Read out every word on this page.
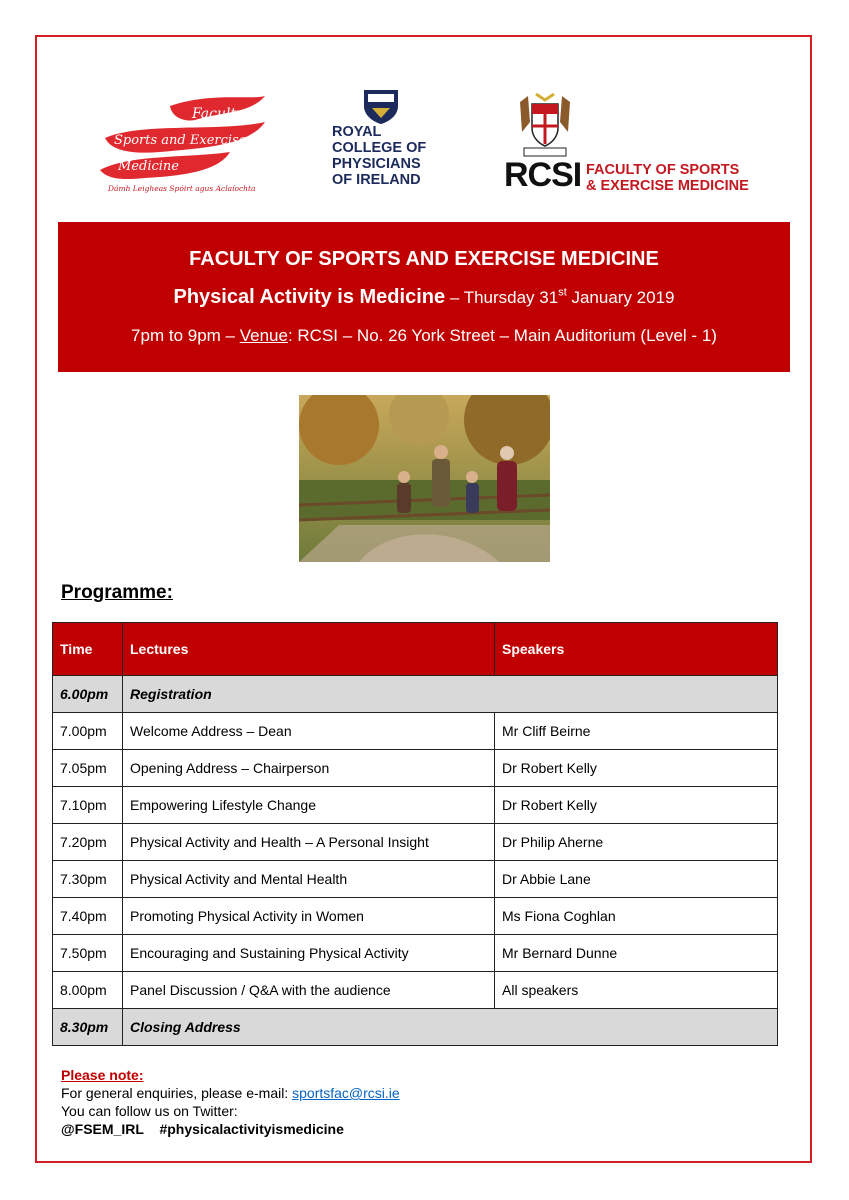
Faculty
Sports and Exercise
Medicine
Dámh Leigheas Spóirt agus Aclaíochta
ROYAL
COLLEGE OF
PHYSICIANS
OF IRELAND RCSI FACULTY OF SPORTS
& EXERCISE MEDICINE
FACULTY OF SPORTS AND EXERCISE MEDICINE
Physical Activity is Medicine – Thursday 31st January 2019
7pm to 9pm – Venue: RCSI – No. 26 York Street – Main Auditorium (Level - 1)
Programme:
Time	Lectures	Speakers
6.00pm	Registration	
7.00pm	Welcome Address – Dean	Mr Cliff Beirne
7.05pm	Opening Address – Chairperson	Dr Robert Kelly
7.10pm	Empowering Lifestyle Change	Dr Robert Kelly
7.20pm	Physical Activity and Health – A Personal Insight	Dr Philip Aherne
7.30pm	Physical Activity and Mental Health	Dr Abbie Lane
7.40pm	Promoting Physical Activity in Women	Ms Fiona Coghlan
7.50pm	Encouraging and Sustaining Physical Activity	Mr Bernard Dunne
8.00pm	Panel Discussion / Q&A with the audience	All speakers
8.30pm	Closing Address	
Please note:
For general enquiries, please e-mail: sportsfac@rcsi.ie
You can follow us on Twitter:
@FSEM_IRL #physicalactivityismedicine
